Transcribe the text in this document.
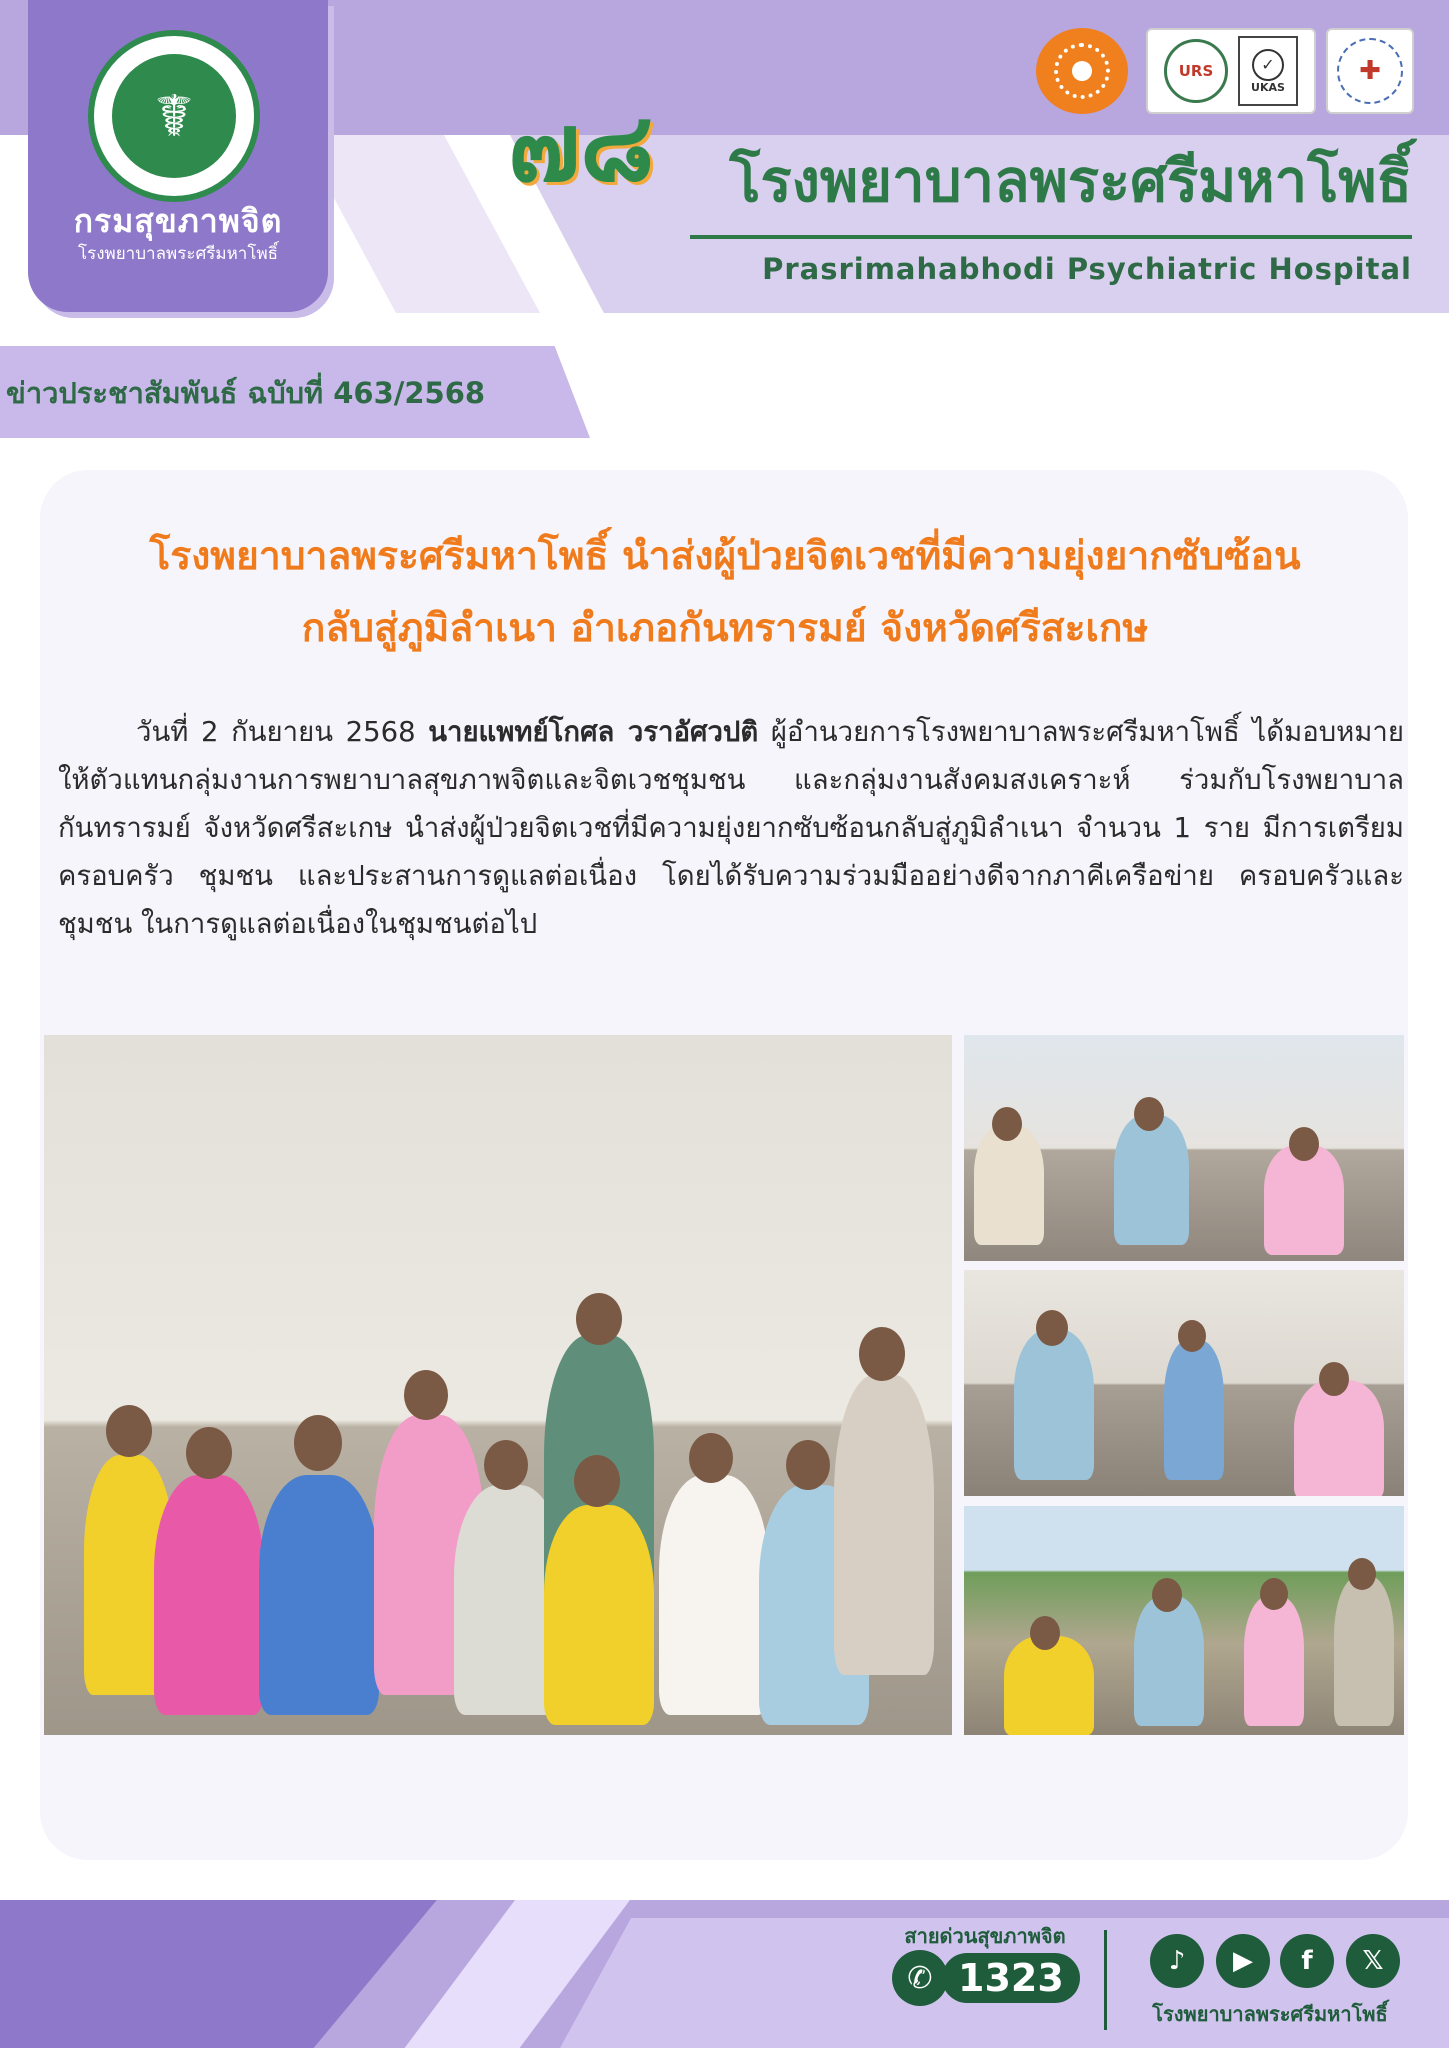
☤
กรมสุขภาพจิต
โรงพยาบาลพระศรีมหาโพธิ์
๗๘	โรงพยาบาลพระศรีมหาโพธิ์
Prasrimahabhodi Psychiatric Hospital
URS	✓
UKAS
✚
ข่าวประชาสัมพันธ์ ฉบับที่ 463/2568
โรงพยาบาลพระศรีมหาโพธิ์ นำส่งผู้ป่วยจิตเวชที่มีความยุ่งยากซับซ้อน
กลับสู่ภูมิลำเนา อำเภอกันทรารมย์ จังหวัดศรีสะเกษ
วันที่ 2 กันยายน 2568 นายแพทย์โกศล วราอัศวปติ ผู้อำนวยการโรงพยาบาลพระศรีมหาโพธิ์ ได้มอบหมายให้ตัวแทนกลุ่มงานการพยาบาลสุขภาพจิตและจิตเวชชุมชน และกลุ่มงานสังคมสงเคราะห์ ร่วมกับโรงพยาบาลกันทรารมย์ จังหวัดศรีสะเกษ นำส่งผู้ป่วยจิตเวชที่มีความยุ่งยากซับซ้อนกลับสู่ภูมิลำเนา จำนวน 1 ราย มีการเตรียมครอบครัว ชุมชน และประสานการดูแลต่อเนื่อง โดยได้รับความร่วมมืออย่างดีจากภาคีเครือข่าย ครอบครัวและชุมชน ในการดูแลต่อเนื่องในชุมชนต่อไป
สายด่วนสุขภาพจิต
✆ 1323	♪	▶	f	𝕏
โรงพยาบาลพระศรีมหาโพธิ์
